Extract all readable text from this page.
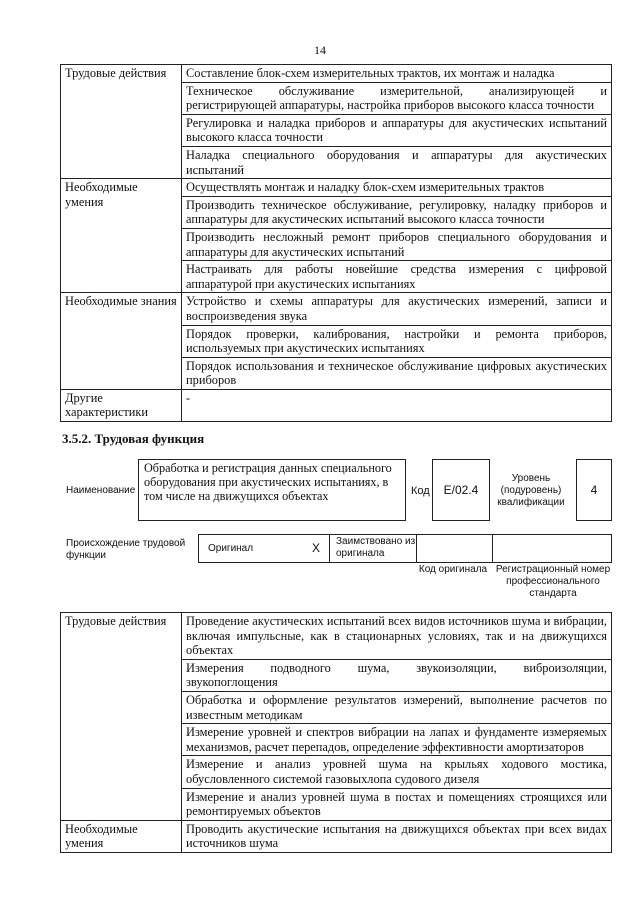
14
Трудовые действия	Составление блок-схем измерительных трактов, их монтаж и наладка
	Техническое обслуживание измерительной, анализирующей и регистрирующей аппаратуры, настройка приборов высокого класса точности
	Регулировка и наладка приборов и аппаратуры для акустических испытаний высокого класса точности
	Наладка специального оборудования и аппаратуры для акустических испытаний
Необходимые умения	Осуществлять монтаж и наладку блок-схем измерительных трактов
	Производить техническое обслуживание, регулировку, наладку приборов и аппаратуры для акустических испытаний высокого класса точности
	Производить несложный ремонт приборов специального оборудования и аппаратуры для акустических испытаний
	Настраивать для работы новейшие средства измерения с цифровой аппаратурой при акустических испытаниях
Необходимые знания	Устройство и схемы аппаратуры для акустических измерений, записи и воспроизведения звука
	Порядок проверки, калибрования, настройки и ремонта приборов, используемых при акустических испытаниях
	Порядок использования и техническое обслуживание цифровых акустических приборов
Другие характеристики	-
3.5.2. Трудовая функция
Наименование
Обработка и регистрация данных специального оборудования при акустических испытаниях, в том числе на движущихся объектах	Код	E/02.4
Уровень (подуровень) квалификации
4
Происхождение трудовой функции
Оригинал	X Заимствовано из оригинала
Код оригинала Регистрационный номер профессионального стандарта
Трудовые действия	Проведение акустических испытаний всех видов источников шума и вибрации, включая импульсные, как в стационарных условиях, так и на движущихся объектах
	Измерения подводного шума, звукоизоляции, виброизоляции, звукопоглощения
	Обработка и оформление результатов измерений, выполнение расчетов по известным методикам
	Измерение уровней и спектров вибрации на лапах и фундаменте измеряемых механизмов, расчет перепадов, определение эффективности амортизаторов
	Измерение и анализ уровней шума на крыльях ходового мостика, обусловленного системой газовыхлопа судового дизеля
	Измерение и анализ уровней шума в постах и помещениях строящихся или ремонтируемых объектов
Необходимые умения	Проводить акустические испытания на движущихся объектах при всех видах источников шума
